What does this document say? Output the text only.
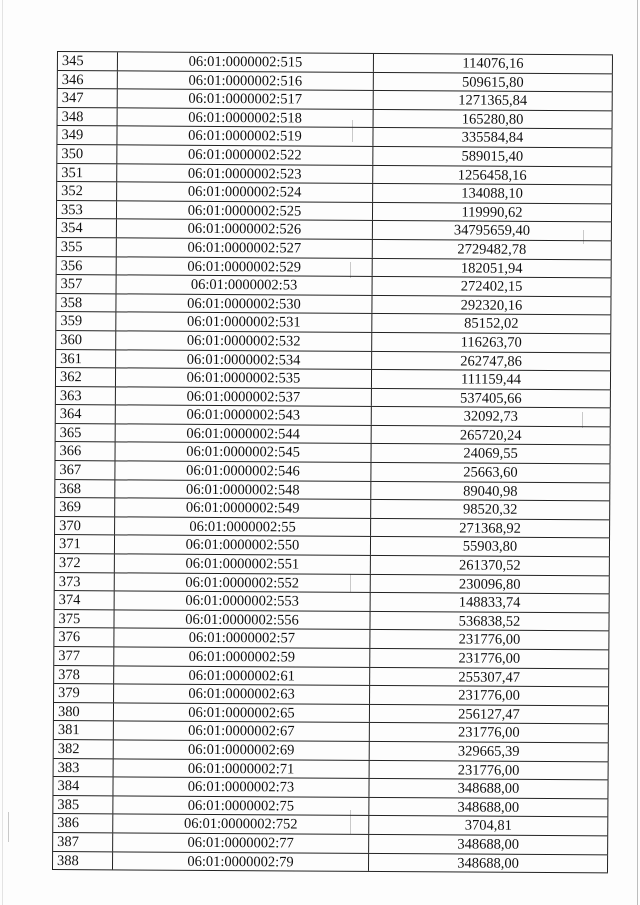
345	06:01:0000002:515	114076,16
346	06:01:0000002:516	509615,80
347	06:01:0000002:517	1271365,84
348	06:01:0000002:518	165280,80
349	06:01:0000002:519	335584,84
350	06:01:0000002:522	589015,40
351	06:01:0000002:523	1256458,16
352	06:01:0000002:524	134088,10
353	06:01:0000002:525	119990,62
354	06:01:0000002:526	34795659,40
355	06:01:0000002:527	2729482,78
356	06:01:0000002:529	182051,94
357	06:01:0000002:53	272402,15
358	06:01:0000002:530	292320,16
359	06:01:0000002:531	85152,02
360	06:01:0000002:532	116263,70
361	06:01:0000002:534	262747,86
362	06:01:0000002:535	111159,44
363	06:01:0000002:537	537405,66
364	06:01:0000002:543	32092,73
365	06:01:0000002:544	265720,24
366	06:01:0000002:545	24069,55
367	06:01:0000002:546	25663,60
368	06:01:0000002:548	89040,98
369	06:01:0000002:549	98520,32
370	06:01:0000002:55	271368,92
371	06:01:0000002:550	55903,80
372	06:01:0000002:551	261370,52
373	06:01:0000002:552	230096,80
374	06:01:0000002:553	148833,74
375	06:01:0000002:556	536838,52
376	06:01:0000002:57	231776,00
377	06:01:0000002:59	231776,00
378	06:01:0000002:61	255307,47
379	06:01:0000002:63	231776,00
380	06:01:0000002:65	256127,47
381	06:01:0000002:67	231776,00
382	06:01:0000002:69	329665,39
383	06:01:0000002:71	231776,00
384	06:01:0000002:73	348688,00
385	06:01:0000002:75	348688,00
386	06:01:0000002:752	3704,81
387	06:01:0000002:77	348688,00
388	06:01:0000002:79	348688,00
